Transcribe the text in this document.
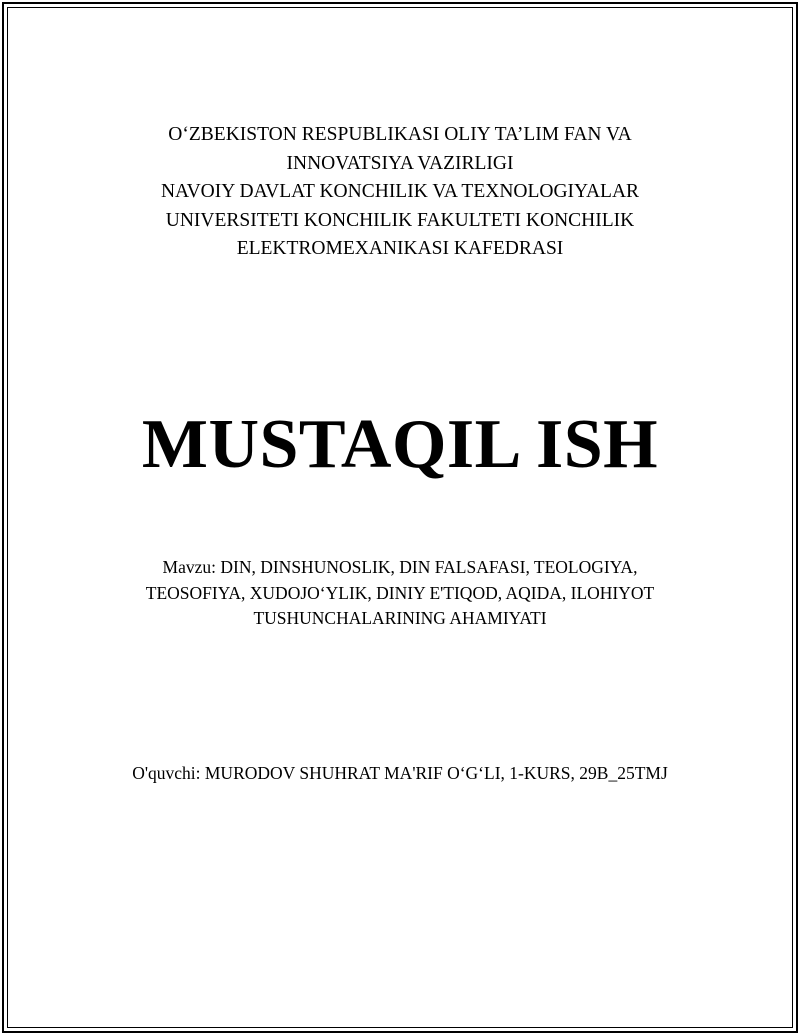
O‘ZBEKISTON RESPUBLIKASI OLIY TA’LIM FAN VA
INNOVATSIYA VAZIRLIGI
NAVOIY DAVLAT KONCHILIK VA TEXNOLOGIYALAR
UNIVERSITETI KONCHILIK FAKULTETI KONCHILIK
ELEKTROMEXANIKASI KAFEDRASI
MUSTAQIL ISH
Mavzu: DIN, DINSHUNOSLIK, DIN FALSAFASI, TEOLOGIYA,
TEOSOFIYA, XUDOJO‘YLIK, DINIY E'TIQOD, AQIDA, ILOHIYOT
TUSHUNCHALARINING AHAMIYATI
O'quvchi: MURODOV SHUHRAT MA'RIF O‘G‘LI, 1-KURS, 29B_25TMJ
